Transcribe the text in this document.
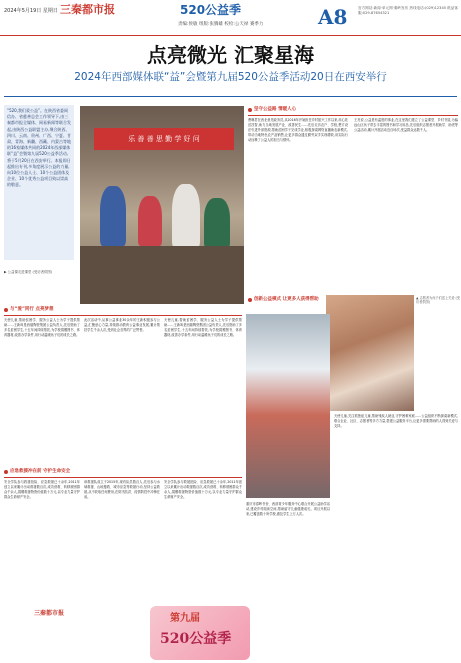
2024年5月19日 星期日 三秦都市报	520公益季
责编:侯敏 组版:张腾雄 校检:公天禄 赛季力	A8	官方网站:新闻·单元网·秦岭发布 热线电话:(029)12345 纸品客服:029-87654321
点亮微光 汇聚星海
2024年西部媒体联“益”会暨第九届520公益季活动20日在西安举行
“520,我们爱公益”。在陕西省委网信办、省慈善总会工作领导下,由三秦都市报全媒体、网易新闻等联合发起,由陕西公益联盟主办,聚合陕西、四川、云南、贵州、广西、宁夏、甘肃、青海、新疆、西藏、内蒙古等地的16家媒体共同的2024年西部媒体联“益”会暨第九届520公益季活动,将于5月20日在西安举行。本报即日起推出专刊,多角度展示公益的力量,向10位公益人士、10个公益团体及企业、10个优秀公益项目致以崇高的敬意。
▶ 公益课走进课堂 (受访者供图)
乐 善 善 思 勤 学 好 问
坚守公益路 情暖人心
费琳君在西北意见政务员,从2016年开始担任乡村振兴工作以来,用心扶贫扶智,助力当地发展产业、改善民生……先后走访农户、学校,想方设法引进外部资源,帮助贫困学子完成学业,积极探索网络直播助农新模式,带动当地特色农产品销售,让更多群众通过勤劳双手实现增收,用实际行动诠释了公益人的担当与情怀。
王亮说,公益是有温度的事业,在这里我们建立了公益课堂、乡村书屋,为偏远山区孩子带去丰富的图书和学习用品,先后组织志愿者开展助学、助老等公益活动,累计开展活动近百场次,受益群众达数千人。
与“爱”同行 点亮梦想
天使儿童,帮助贫困学、服务公益人士为学子提供帮助……王新叫是西瑞陶瓷集团公益负责人,先后资助了多名贫困学生,十五年间持续帮扶,为学校捐赠图书、体育器材,改善办学条件,用行动温暖孩子们的成长之路。
此次活动中,从事公益事业30余年的王新积极参与公益,汇聚爱心力量,持续推动教育公益事业发展,累计帮扶学生千余人次,受到社会各界的广泛赞誉。
天使儿童,帮助贫困学、服务公益人士为学子提供帮助……王新叫是西瑞陶瓷集团公益负责人,先后资助了多名贫困学生,十五年间持续帮扶,为学校捐赠图书、体育器材,改善办学条件,用行动温暖孩子们的成长之路。
应急救援冲在前 守护生命安全
安全学队参与救援抢险、应急救援已十余年,2011年创立以来累计出动救援数百次,成功营救、转移被困群众千余人,捐赠救援物资价值数十万元,以专业力量守护群众生命财产安全。
该救援队成立于2015年,现有队员数百人,先后参与水域救援、山地搜救、城市应急等救援行动,坚持公益救援,从不收取任何费用,在防汛抗洪、疫情防控中冲锋在前。
安全学队参与救援抢险、应急救援已十余年,2011年创立以来累计出动救援数百次,成功营救、转移被困群众千余人,捐赠救援物资价值数十万元,以专业力量守护群众生命财产安全。
创新公益模式 让更多人获得帮助	▲ 志愿者为孩子们送上关爱 (受访者供图)
天使儿童,关注孤独症儿童,帮助残疾人就业,守护困难家庭……公益组织不断探索新模式,联合企业、社区、志愿者等多方力量,搭建公益服务平台,让更多需要帮助的人得到关爱与支持。
重庆市春晖书舍、西部青少年服务中心联合开展公益助学活动,建设乡村阅读空间,帮助留守儿童健康成长。项目开展以来,已覆盖数十所学校,惠及学生上万人次。
三秦都市报	第九届
520公益季
